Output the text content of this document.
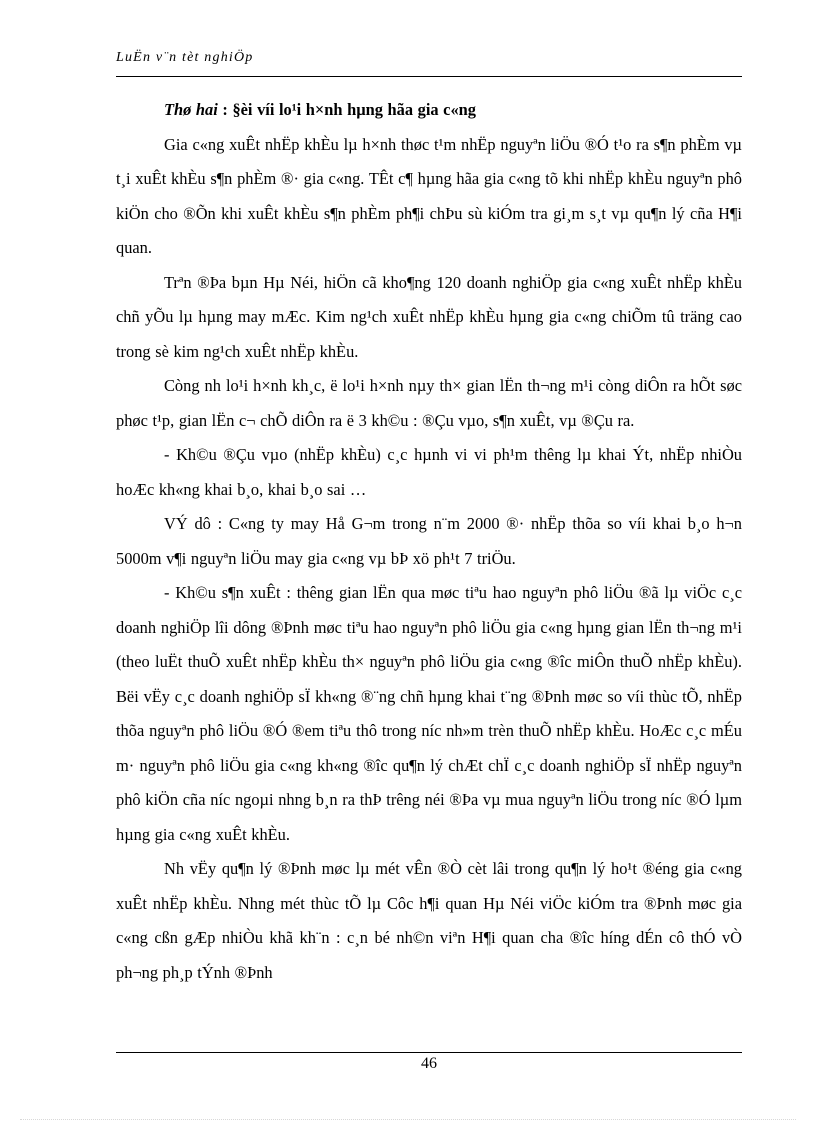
LuËn v¨n tèt nghiÖp

Thø hai : §èi víi lo¹i h×nh hµng hãa gia c«ng

Gia c«ng xuÊt nhËp khÈu lµ h×nh thøc t¹m nhËp nguyªn liÖu ®Ó t¹o ra s¶n phÈm vµ t¸i xuÊt khÈu s¶n phÈm ®· gia c«ng. TÊt c¶ hµng hãa gia c«ng tõ khi nhËp khÈu nguyªn phô kiÖn cho ®Õn khi xuÊt khÈu s¶n phÈm ph¶i chÞu sù kiÓm tra gi¸m s¸t vµ qu¶n lý cña H¶i quan.

Trªn ®Þa bµn Hµ Néi, hiÖn cã kho¶ng 120 doanh nghiÖp gia c«ng xuÊt nhËp khÈu chñ yÕu lµ hµng may mÆc. Kim ng¹ch xuÊt nhËp khÈu hµng gia c«ng chiÕm tû träng cao trong sè kim ng¹ch xuÊt nhËp khÈu.

Còng nh lo¹i h×nh kh¸c, ë lo¹i h×nh nµy th× gian lËn th¬ng m¹i còng diÔn ra hÕt søc phøc t¹p, gian lËn c¬ chÕ diÔn ra ë 3 kh©u : ®Çu vµo, s¶n xuÊt, vµ ®Çu ra.

- Kh©u ®Çu vµo (nhËp khÈu) c¸c hµnh vi vi ph¹m thêng lµ khai Ýt, nhËp nhiÒu hoÆc kh«ng khai b¸o, khai b¸o sai …

VÝ dô : C«ng ty may Hå G¬m trong n¨m 2000 ®· nhËp thõa so víi khai b¸o h¬n 5000m v¶i nguyªn liÖu may gia c«ng vµ bÞ xö ph¹t 7 triÖu.

- Kh©u s¶n xuÊt : thêng gian lËn qua møc tiªu hao nguyªn phô liÖu ®ã lµ viÖc c¸c doanh nghiÖp lîi dông ®Þnh møc tiªu hao nguyªn phô liÖu gia c«ng hµng gian lËn th¬ng m¹i (theo luËt thuÕ xuÊt nhËp khÈu th× nguyªn phô liÖu gia c«ng ®îc miÔn thuÕ nhËp khÈu). Bëi vËy c¸c doanh nghiÖp sÏ kh«ng ®¨ng chñ hµng khai t¨ng ®Þnh møc so víi thùc tÕ, nhËp thõa nguyªn phô liÖu ®Ó ®em tiªu thô trong níc nh»m trèn thuÕ nhËp khÈu. HoÆc c¸c mÉu m· nguyªn phô liÖu gia c«ng kh«ng ®îc qu¶n lý chÆt chÏ c¸c doanh nghiÖp sÏ nhËp nguyªn phô kiÖn cña níc ngoµi nhng b¸n ra thÞ trêng néi ®Þa vµ mua nguyªn liÖu trong níc ®Ó lµm hµng gia c«ng xuÊt khÈu.

Nh vËy qu¶n lý ®Þnh møc lµ mét vÊn ®Ò cèt lâi trong qu¶n lý ho¹t ®éng gia c«ng xuÊt nhËp khÈu. Nhng mét thùc tÕ lµ Côc h¶i quan Hµ Néi viÖc kiÓm tra ®Þnh møc gia c«ng cßn gÆp nhiÒu khã kh¨n : c¸n bé nh©n viªn H¶i quan cha ®îc híng dÉn cô thÓ vÒ ph¬ng ph¸p tÝnh ®Þnh

46
